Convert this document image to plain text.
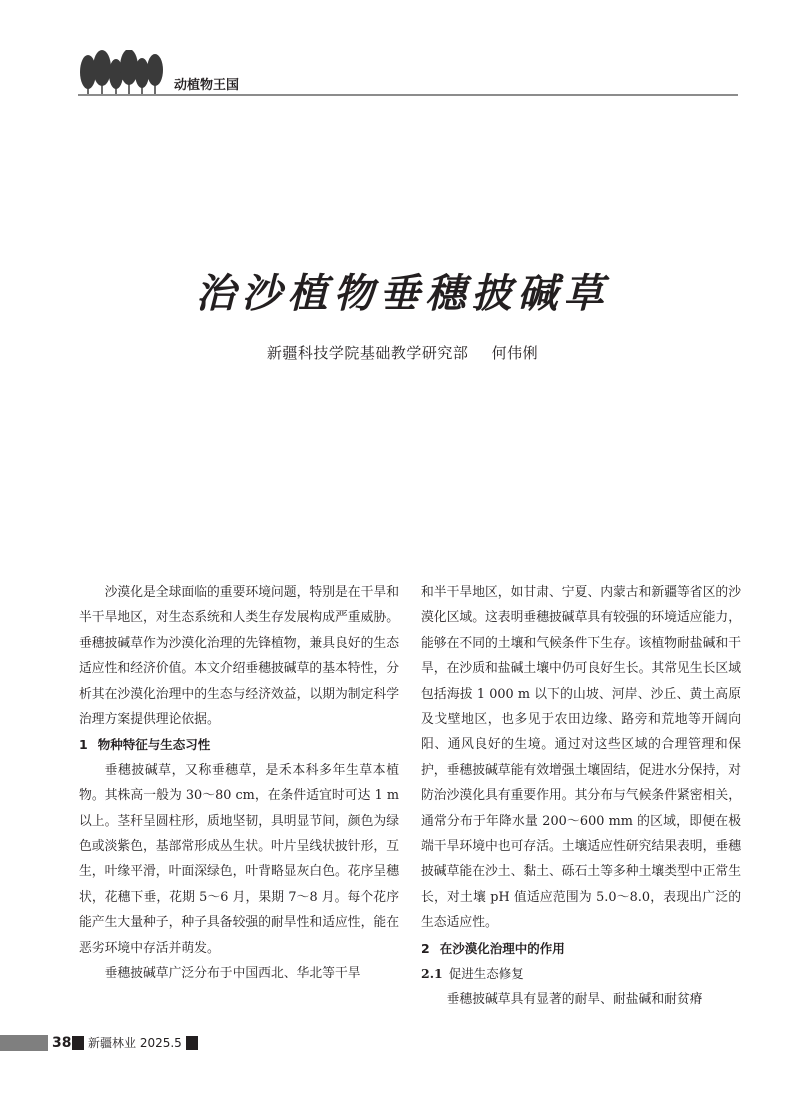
动植物王国
治沙植物垂穗披碱草
新疆科技学院基础教学研究部 何伟俐

沙漠化是全球面临的重要环境问题，特别是在干旱和半干旱地区，对生态系统和人类生存发展构成严重威胁。垂穗披碱草作为沙漠化治理的先锋植物，兼具良好的生态适应性和经济价值。本文介绍垂穗披碱草的基本特性，分析其在沙漠化治理中的生态与经济效益，以期为制定科学治理方案提供理论依据。

1 物种特征与生态习性

垂穗披碱草，又称垂穗草，是禾本科多年生草本植物。其株高一般为 30～80 cm，在条件适宜时可达 1 m 以上。茎秆呈圆柱形，质地坚韧，具明显节间，颜色为绿色或淡紫色，基部常形成丛生状。叶片呈线状披针形，互生，叶缘平滑，叶面深绿色，叶背略显灰白色。花序呈穗状，花穗下垂，花期 5～6 月，果期 7～8 月。每个花序能产生大量种子，种子具备较强的耐旱性和适应性，能在恶劣环境中存活并萌发。

垂穗披碱草广泛分布于中国西北、华北等干旱

和半干旱地区，如甘肃、宁夏、内蒙古和新疆等省区的沙漠化区域。这表明垂穗披碱草具有较强的环境适应能力，能够在不同的土壤和气候条件下生存。该植物耐盐碱和干旱，在沙质和盐碱土壤中仍可良好生长。其常见生长区域包括海拔 1 000 m 以下的山坡、河岸、沙丘、黄土高原及戈壁地区，也多见于农田边缘、路旁和荒地等开阔向阳、通风良好的生境。通过对这些区域的合理管理和保护，垂穗披碱草能有效增强土壤固结，促进水分保持，对防治沙漠化具有重要作用。其分布与气候条件紧密相关，通常分布于年降水量 200～600 mm 的区域，即便在极端干旱环境中也可存活。土壤适应性研究结果表明，垂穗披碱草能在沙土、黏土、砾石土等多种土壤类型中正常生长，对土壤 pH 值适应范围为 5.0～8.0，表现出广泛的生态适应性。

2 在沙漠化治理中的作用
2.1 促进生态修复

垂穗披碱草具有显著的耐旱、耐盐碱和耐贫瘠

38	新疆林业 2025.5
